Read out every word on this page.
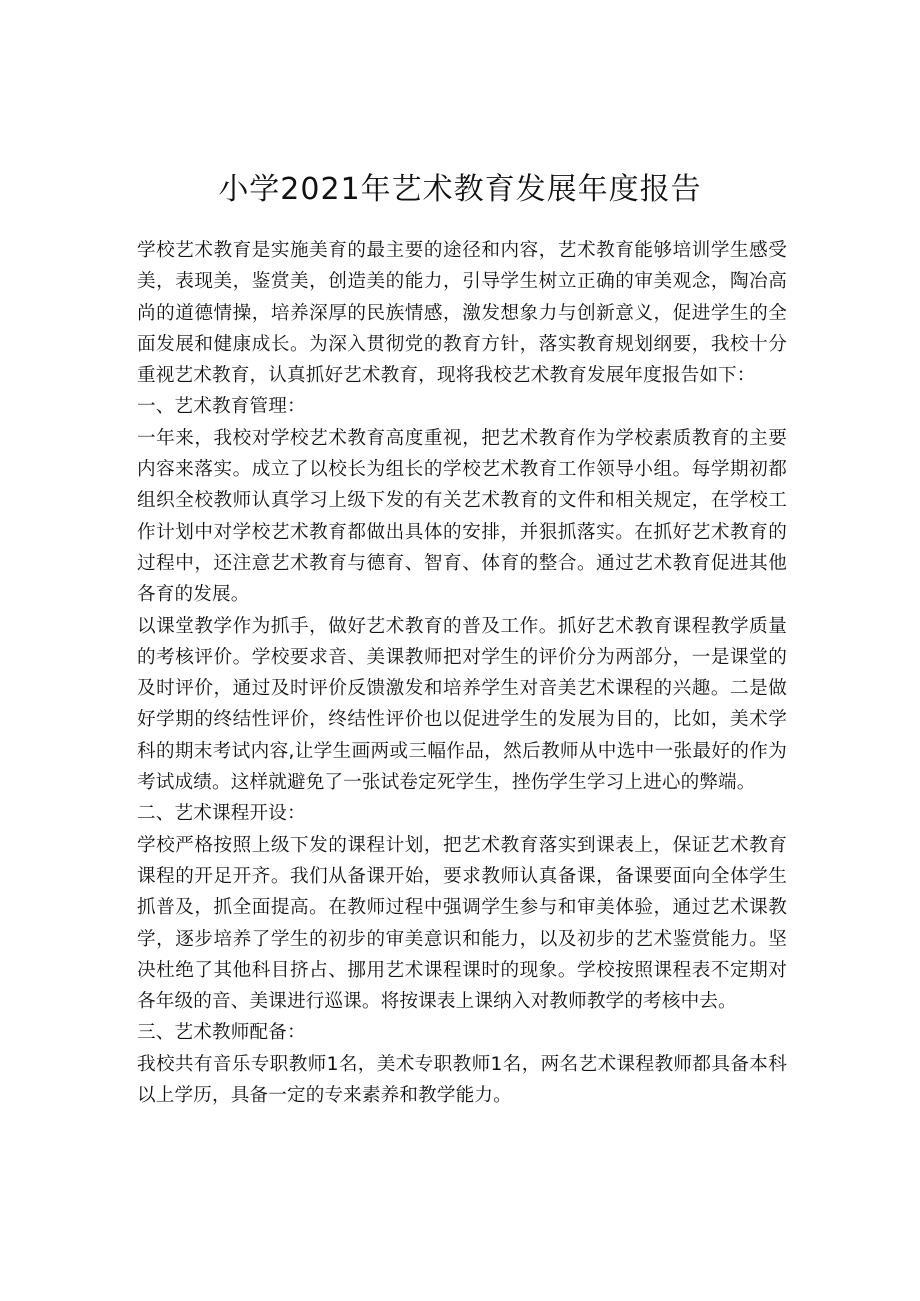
小学2021年艺术教育发展年度报告

学校艺术教育是实施美育的最主要的途径和内容，艺术教育能够培训学生感受美，表现美，鉴赏美，创造美的能力，引导学生树立正确的审美观念，陶冶高尚的道德情操，培养深厚的民族情感，激发想象力与创新意义，促进学生的全面发展和健康成长。为深入贯彻党的教育方针，落实教育规划纲要，我校十分重视艺术教育，认真抓好艺术教育，现将我校艺术教育发展年度报告如下：

一、艺术教育管理：

一年来，我校对学校艺术教育高度重视，把艺术教育作为学校素质教育的主要内容来落实。成立了以校长为组长的学校艺术教育工作领导小组。每学期初都组织全校教师认真学习上级下发的有关艺术教育的文件和相关规定，在学校工作计划中对学校艺术教育都做出具体的安排，并狠抓落实。在抓好艺术教育的过程中，还注意艺术教育与德育、智育、体育的整合。通过艺术教育促进其他各育的发展。

以课堂教学作为抓手，做好艺术教育的普及工作。抓好艺术教育课程教学质量的考核评价。学校要求音、美课教师把对学生的评价分为两部分，一是课堂的及时评价，通过及时评价反馈激发和培养学生对音美艺术课程的兴趣。二是做好学期的终结性评价，终结性评价也以促进学生的发展为目的，比如，美术学科的期末考试内容,让学生画两或三幅作品，然后教师从中选中一张最好的作为考试成绩。这样就避免了一张试卷定死学生，挫伤学生学习上进心的弊端。

二、艺术课程开设：

学校严格按照上级下发的课程计划，把艺术教育落实到课表上，保证艺术教育课程的开足开齐。我们从备课开始，要求教师认真备课，备课要面向全体学生抓普及，抓全面提高。在教师过程中强调学生参与和审美体验，通过艺术课教学，逐步培养了学生的初步的审美意识和能力，以及初步的艺术鉴赏能力。坚决杜绝了其他科目挤占、挪用艺术课程课时的现象。学校按照课程表不定期对各年级的音、美课进行巡课。将按课表上课纳入对教师教学的考核中去。

三、艺术教师配备：

我校共有音乐专职教师1名，美术专职教师1名，两名艺术课程教师都具备本科以上学历，具备一定的专来素养和教学能力。
